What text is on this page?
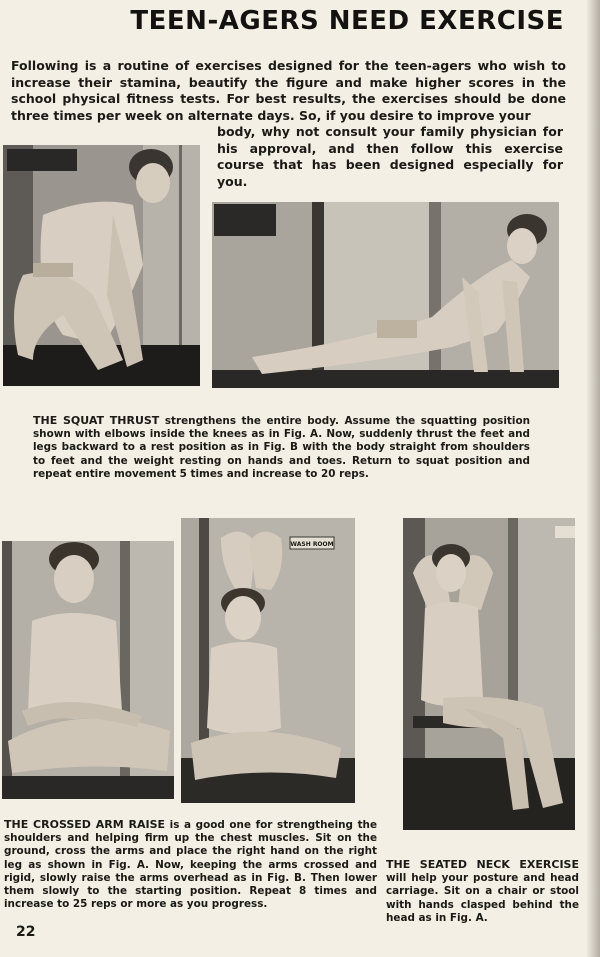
TEEN-AGERS NEED EXERCISE

Following is a routine of exercises designed for the teen-agers who wish to increase their stamina, beautify the figure and make higher scores in the school physical fitness tests. For best results, the exercises should be done three times per week on alternate days. So, if you desire to improve your

body, why not consult your family physician for his approval, and then follow this exercise course that has been designed especially for you.

THE SQUAT THRUST strengthens the entire body. Assume the squatting position shown with elbows inside the knees as in Fig. A. Now, suddenly thrust the feet and legs backward to a rest position as in Fig. B with the body straight from shoulders to feet and the weight resting on hands and toes. Return to squat position and repeat entire movement 5 times and increase to 20 reps.

WASH ROOM

THE CROSSED ARM RAISE is a good one for strengtheing the shoulders and helping firm up the chest muscles. Sit on the ground, cross the arms and place the right hand on the right leg as shown in Fig. A. Now, keeping the arms crossed and rigid, slowly raise the arms overhead as in Fig. B. Then lower them slowly to the starting position. Repeat 8 times and increase to 25 reps or more as you progress.

THE SEATED NECK EXERCISE will help your posture and head carriage. Sit on a chair or stool with hands clasped behind the head as in Fig. A.

22
